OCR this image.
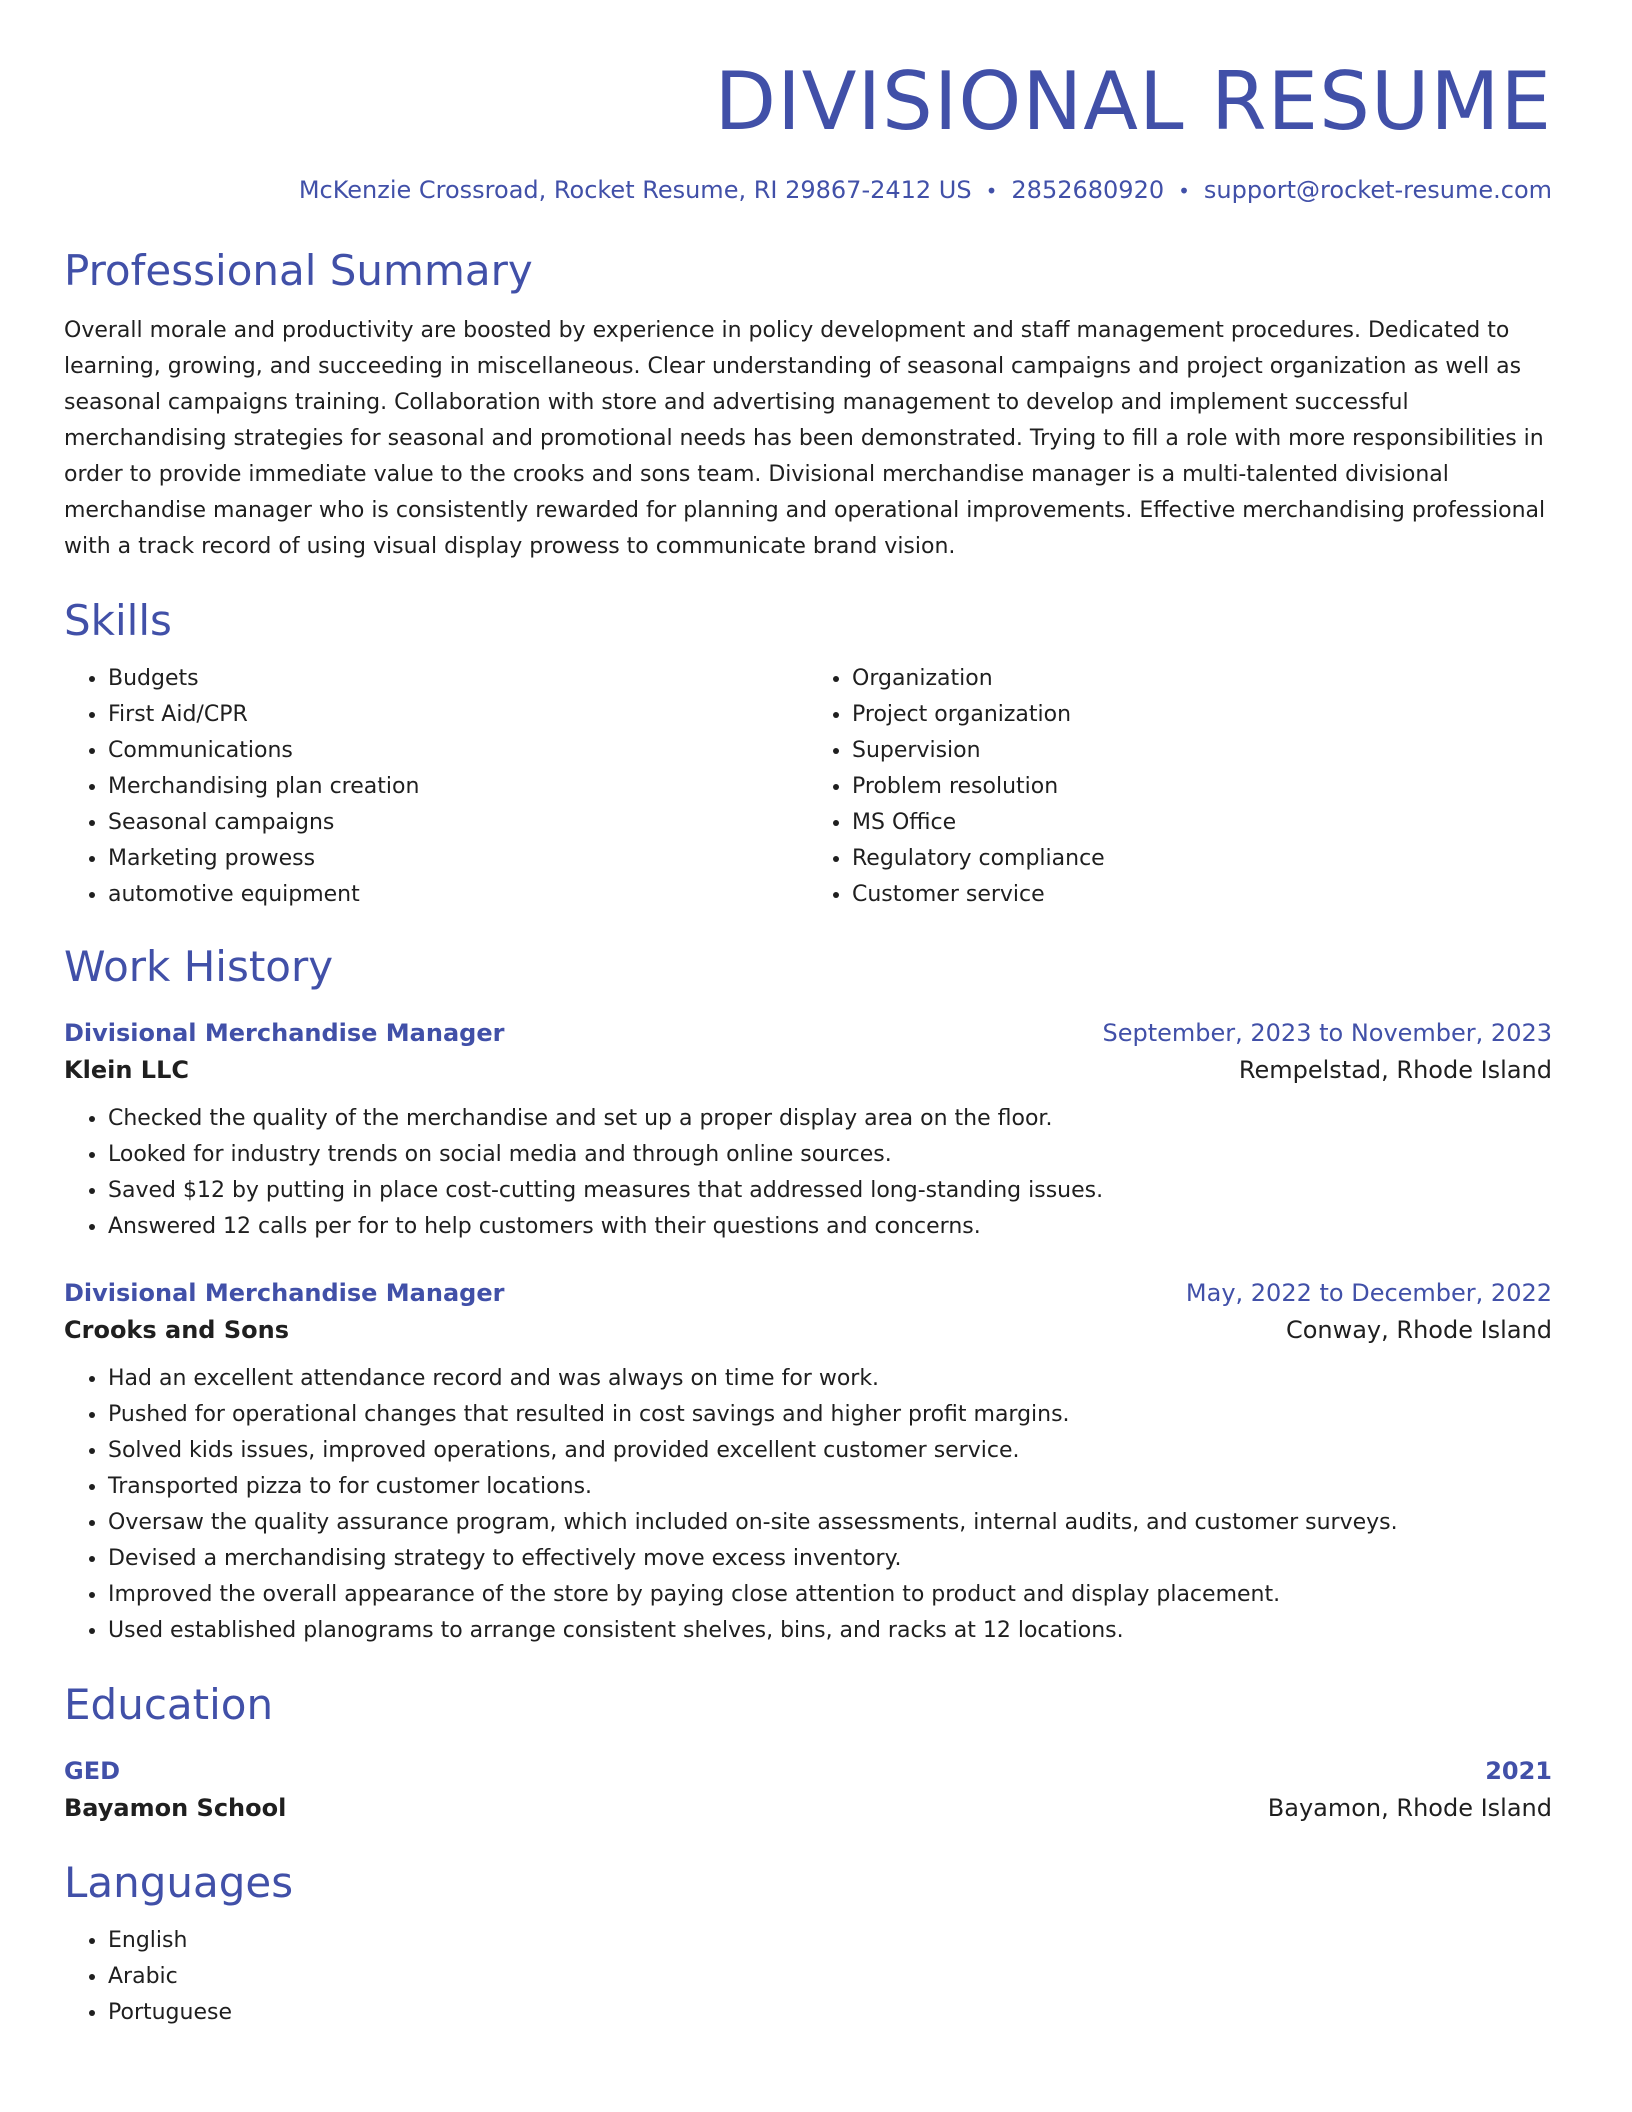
DIVISIONAL RESUME
McKenzie Crossroad, Rocket Resume, RI 29867-2412 US • 2852680920 • support@rocket-resume.com
Professional Summary
Overall morale and productivity are boosted by experience in policy development and staff management procedures. Dedicated to learning, growing, and succeeding in miscellaneous. Clear understanding of seasonal campaigns and project organization as well as seasonal campaigns training. Collaboration with store and advertising management to develop and implement successful merchandising strategies for seasonal and promotional needs has been demonstrated. Trying to fill a role with more responsibilities in order to provide immediate value to the crooks and sons team. Divisional merchandise manager is a multi-talented divisional merchandise manager who is consistently rewarded for planning and operational improvements. Effective merchandising professional with a track record of using visual display prowess to communicate brand vision.
Skills
• Budgets
• First Aid/CPR
• Communications
• Merchandising plan creation
• Seasonal campaigns
• Marketing prowess
• automotive equipment
• Organization
• Project organization
• Supervision
• Problem resolution
• MS Office
• Regulatory compliance
• Customer service
Work History
Divisional Merchandise Manager	September, 2023 to November, 2023
Klein LLC	Rempelstad, Rhode Island
• Checked the quality of the merchandise and set up a proper display area on the floor.
• Looked for industry trends on social media and through online sources.
• Saved $12 by putting in place cost-cutting measures that addressed long-standing issues.
• Answered 12 calls per for to help customers with their questions and concerns.
Divisional Merchandise Manager	May, 2022 to December, 2022
Crooks and Sons	Conway, Rhode Island
• Had an excellent attendance record and was always on time for work.
• Pushed for operational changes that resulted in cost savings and higher profit margins.
• Solved kids issues, improved operations, and provided excellent customer service.
• Transported pizza to for customer locations.
• Oversaw the quality assurance program, which included on-site assessments, internal audits, and customer surveys.
• Devised a merchandising strategy to effectively move excess inventory.
• Improved the overall appearance of the store by paying close attention to product and display placement.
• Used established planograms to arrange consistent shelves, bins, and racks at 12 locations.
Education
GED	2021
Bayamon School	Bayamon, Rhode Island
Languages
• English
• Arabic
• Portuguese
